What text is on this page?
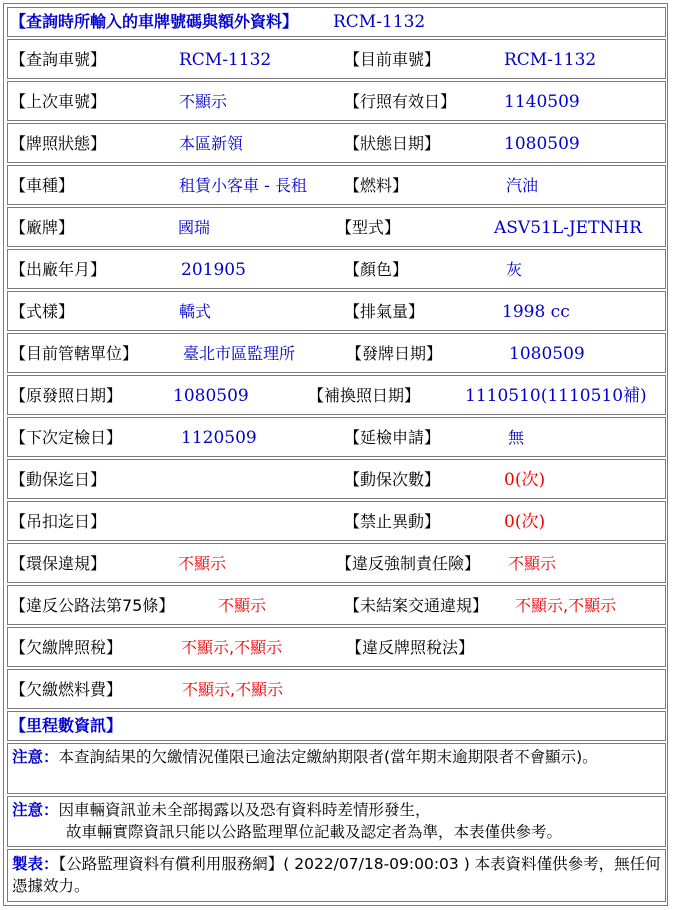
【查詢時所輸入的車牌號碼與額外資料】 RCM-1132
【查詢車號】	RCM-1132	【目前車號】	RCM-1132
【上次車號】	不顯示	【行照有效日】	1140509
【牌照狀態】	本區新領	【狀態日期】	1080509
【車種】	租賃小客車 - 長租 【燃料】	汽油
【廠牌】	國瑞	【型式】	ASV51L-JETNHR
【出廠年月】	201905	【顏色】	灰
【式樣】	轎式	【排氣量】	1998 cc
【目前管轄單位】	臺北市區監理所	【發牌日期】	1080509
【原發照日期】	1080509	【補換照日期】	1110510(1110510補)
【下次定檢日】	1120509	【延檢申請】	無
【動保迄日】	【動保次數】	0(次)
【吊扣迄日】	【禁止異動】	0(次)
【環保違規】	不顯示	【違反強制責任險】 不顯示
【違反公路法第75條】	不顯示	【未結案交通違規】 不顯示,不顯示
【欠繳牌照稅】	不顯示,不顯示	【違反牌照稅法】
【欠繳燃料費】	不顯示,不顯示
【里程數資訊】
注意：本查詢結果的欠繳情況僅限已逾法定繳納期限者(當年期末逾期限者不會顯示)。
注意：因車輛資訊並未全部揭露以及恐有資料時差情形發生，
故車輛實際資訊只能以公路監理單位記載及認定者為準，本表僅供參考。
製表：【公路監理資料有償利用服務網】( 2022/07/18-09:00:03 ) 本表資料僅供參考，無任何憑據效力。
